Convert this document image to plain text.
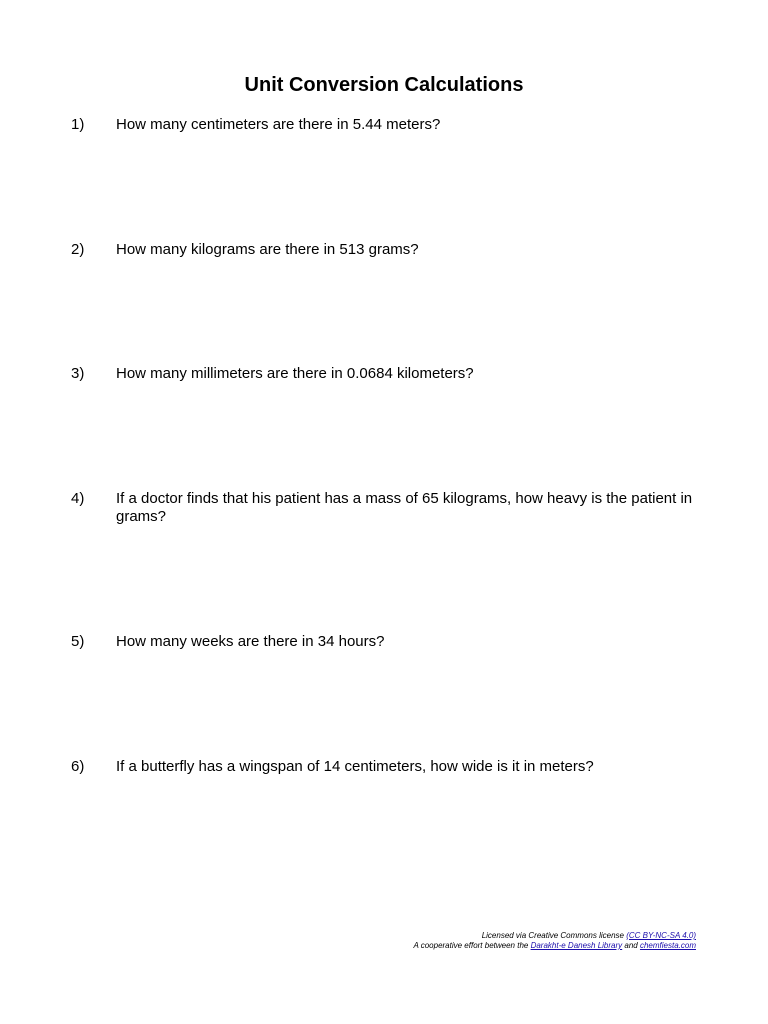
Unit Conversion Calculations
1) How many centimeters are there in 5.44 meters?
2) How many kilograms are there in 513 grams?
3) How many millimeters are there in 0.0684 kilometers?
4) If a doctor finds that his patient has a mass of 65 kilograms, how heavy is the patient in grams?
5) How many weeks are there in 34 hours?
6) If a butterfly has a wingspan of 14 centimeters, how wide is it in meters?
Licensed via Creative Commons license (CC BY-NC-SA 4.0)
A cooperative effort between the Darakht-e Danesh Library and chemfiesta.com
